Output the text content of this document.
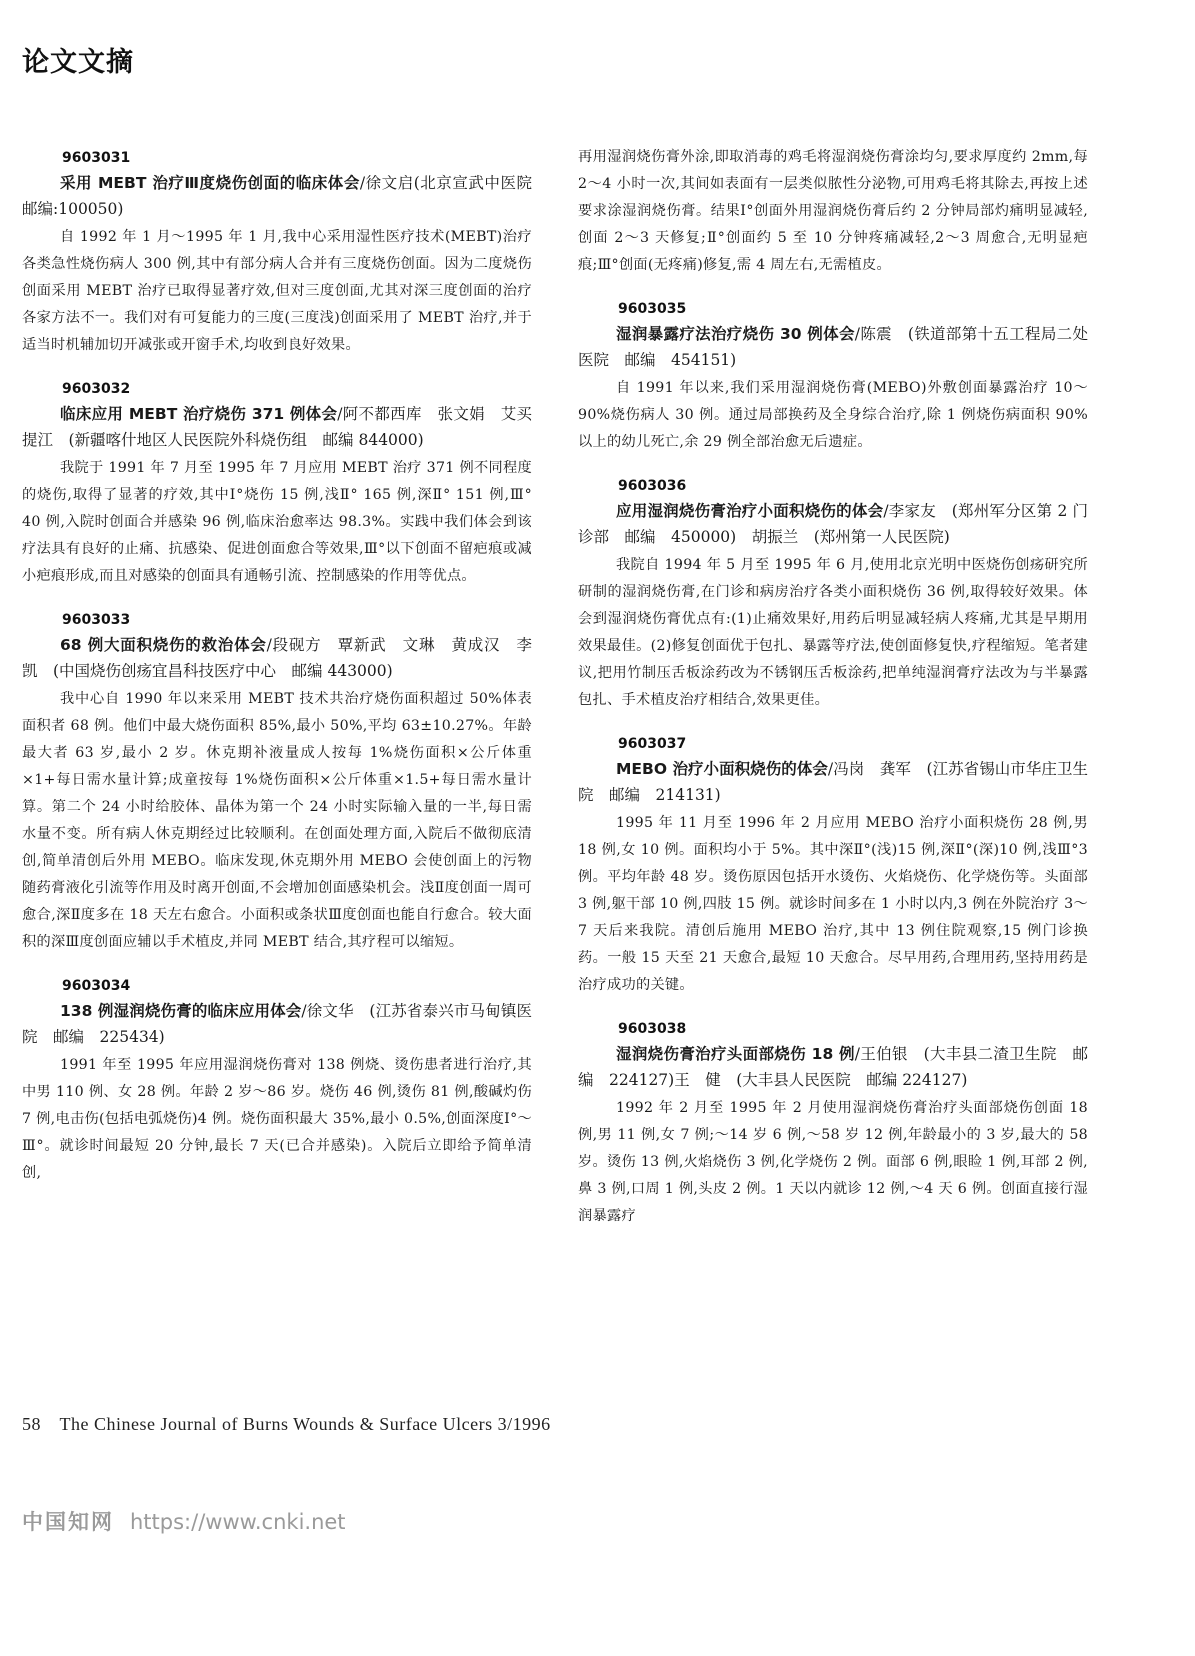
论文文摘
9603031

采用 MEBT 治疗Ⅲ度烧伤创面的临床体会/徐文启(北京宣武中医院　邮编:100050)

自 1992 年 1 月～1995 年 1 月,我中心采用湿性医疗技术(MEBT)治疗各类急性烧伤病人 300 例,其中有部分病人合并有三度烧伤创面。因为二度烧伤创面采用 MEBT 治疗已取得显著疗效,但对三度创面,尤其对深三度创面的治疗各家方法不一。我们对有可复能力的三度(三度浅)创面采用了 MEBT 治疗,并于适当时机辅加切开减张或开窗手术,均收到良好效果。

9603032

临床应用 MEBT 治疗烧伤 371 例体会/阿不都西库　张文娟　艾买提江　(新疆喀什地区人民医院外科烧伤组　邮编 844000)

我院于 1991 年 7 月至 1995 年 7 月应用 MEBT 治疗 371 例不同程度的烧伤,取得了显著的疗效,其中Ⅰ°烧伤 15 例,浅Ⅱ° 165 例,深Ⅱ° 151 例,Ⅲ° 40 例,入院时创面合并感染 96 例,临床治愈率达 98.3%。实践中我们体会到该疗法具有良好的止痛、抗感染、促进创面愈合等效果,Ⅲ°以下创面不留疤痕或减小疤痕形成,而且对感染的创面具有通畅引流、控制感染的作用等优点。

9603033

68 例大面积烧伤的救治体会/段砚方　覃新武　文琳　黄成汉　李　凯　(中国烧伤创疡宜昌科技医疗中心　邮编 443000)

我中心自 1990 年以来采用 MEBT 技术共治疗烧伤面积超过 50%体表面积者 68 例。他们中最大烧伤面积 85%,最小 50%,平均 63±10.27%。年龄最大者 63 岁,最小 2 岁。休克期补液量成人按每 1%烧伤面积×公斤体重×1+每日需水量计算;成童按每 1%烧伤面积×公斤体重×1.5+每日需水量计算。第二个 24 小时给胶体、晶体为第一个 24 小时实际输入量的一半,每日需水量不变。所有病人休克期经过比较顺利。在创面处理方面,入院后不做彻底清创,简单清创后外用 MEBO。临床发现,休克期外用 MEBO 会使创面上的污物随药膏液化引流等作用及时离开创面,不会增加创面感染机会。浅Ⅱ度创面一周可愈合,深Ⅱ度多在 18 天左右愈合。小面积或条状Ⅲ度创面也能自行愈合。较大面积的深Ⅲ度创面应辅以手术植皮,并同 MEBT 结合,其疗程可以缩短。

9603034

138 例湿润烧伤膏的临床应用体会/徐文华　(江苏省泰兴市马甸镇医院　邮编　225434)

1991 年至 1995 年应用湿润烧伤膏对 138 例烧、烫伤患者进行治疗,其中男 110 例、女 28 例。年龄 2 岁～86 岁。烧伤 46 例,烫伤 81 例,酸碱灼伤 7 例,电击伤(包括电弧烧伤)4 例。烧伤面积最大 35%,最小 0.5%,创面深度Ⅰ°～Ⅲ°。就诊时间最短 20 分钟,最长 7 天(已合并感染)。入院后立即给予简单清创,

再用湿润烧伤膏外涂,即取消毒的鸡毛将湿润烧伤膏涂均匀,要求厚度约 2mm,每 2～4 小时一次,其间如表面有一层类似脓性分泌物,可用鸡毛将其除去,再按上述要求涂湿润烧伤膏。结果Ⅰ°创面外用湿润烧伤膏后约 2 分钟局部灼痛明显减轻,创面 2～3 天修复;Ⅱ°创面约 5 至 10 分钟疼痛减轻,2～3 周愈合,无明显疤痕;Ⅲ°创面(无疼痛)修复,需 4 周左右,无需植皮。

9603035

湿润暴露疗法治疗烧伤 30 例体会/陈震　(铁道部第十五工程局二处医院　邮编　454151)

自 1991 年以来,我们采用湿润烧伤膏(MEBO)外敷创面暴露治疗 10～90%烧伤病人 30 例。通过局部换药及全身综合治疗,除 1 例烧伤病面积 90%以上的幼儿死亡,余 29 例全部治愈无后遗症。

9603036

应用湿润烧伤膏治疗小面积烧伤的体会/李家友　(郑州军分区第 2 门诊部　邮编　450000)　胡振兰　(郑州第一人民医院)

我院自 1994 年 5 月至 1995 年 6 月,使用北京光明中医烧伤创疡研究所研制的湿润烧伤膏,在门诊和病房治疗各类小面积烧伤 36 例,取得较好效果。体会到湿润烧伤膏优点有:(1)止痛效果好,用药后明显减轻病人疼痛,尤其是早期用效果最佳。(2)修复创面优于包扎、暴露等疗法,使创面修复快,疗程缩短。笔者建议,把用竹制压舌板涂药改为不锈钢压舌板涂药,把单纯湿润膏疗法改为与半暴露包扎、手术植皮治疗相结合,效果更佳。

9603037

MEBO 治疗小面积烧伤的体会/冯岗　龚军　(江苏省锡山市华庄卫生院　邮编　214131)

1995 年 11 月至 1996 年 2 月应用 MEBO 治疗小面积烧伤 28 例,男 18 例,女 10 例。面积均小于 5%。其中深Ⅱ°(浅)15 例,深Ⅱ°(深)10 例,浅Ⅲ°3 例。平均年龄 48 岁。烫伤原因包括开水烫伤、火焰烧伤、化学烧伤等。头面部 3 例,躯干部 10 例,四肢 15 例。就诊时间多在 1 小时以内,3 例在外院治疗 3～7 天后来我院。清创后施用 MEBO 治疗,其中 13 例住院观察,15 例门诊换药。一般 15 天至 21 天愈合,最短 10 天愈合。尽早用药,合理用药,坚持用药是治疗成功的关键。

9603038

湿润烧伤膏治疗头面部烧伤 18 例/王伯银　(大丰县二渣卫生院　邮编　224127)王　健　(大丰县人民医院　邮编 224127)

1992 年 2 月至 1995 年 2 月使用湿润烧伤膏治疗头面部烧伤创面 18 例,男 11 例,女 7 例;～14 岁 6 例,～58 岁 12 例,年龄最小的 3 岁,最大的 58 岁。烫伤 13 例,火焰烧伤 3 例,化学烧伤 2 例。面部 6 例,眼睑 1 例,耳部 2 例,鼻 3 例,口周 1 例,头皮 2 例。1 天以内就诊 12 例,～4 天 6 例。创面直接行湿润暴露疗

58　The Chinese Journal of Burns Wounds & Surface Ulcers 3/1996
中国知网 https://www.cnki.net
